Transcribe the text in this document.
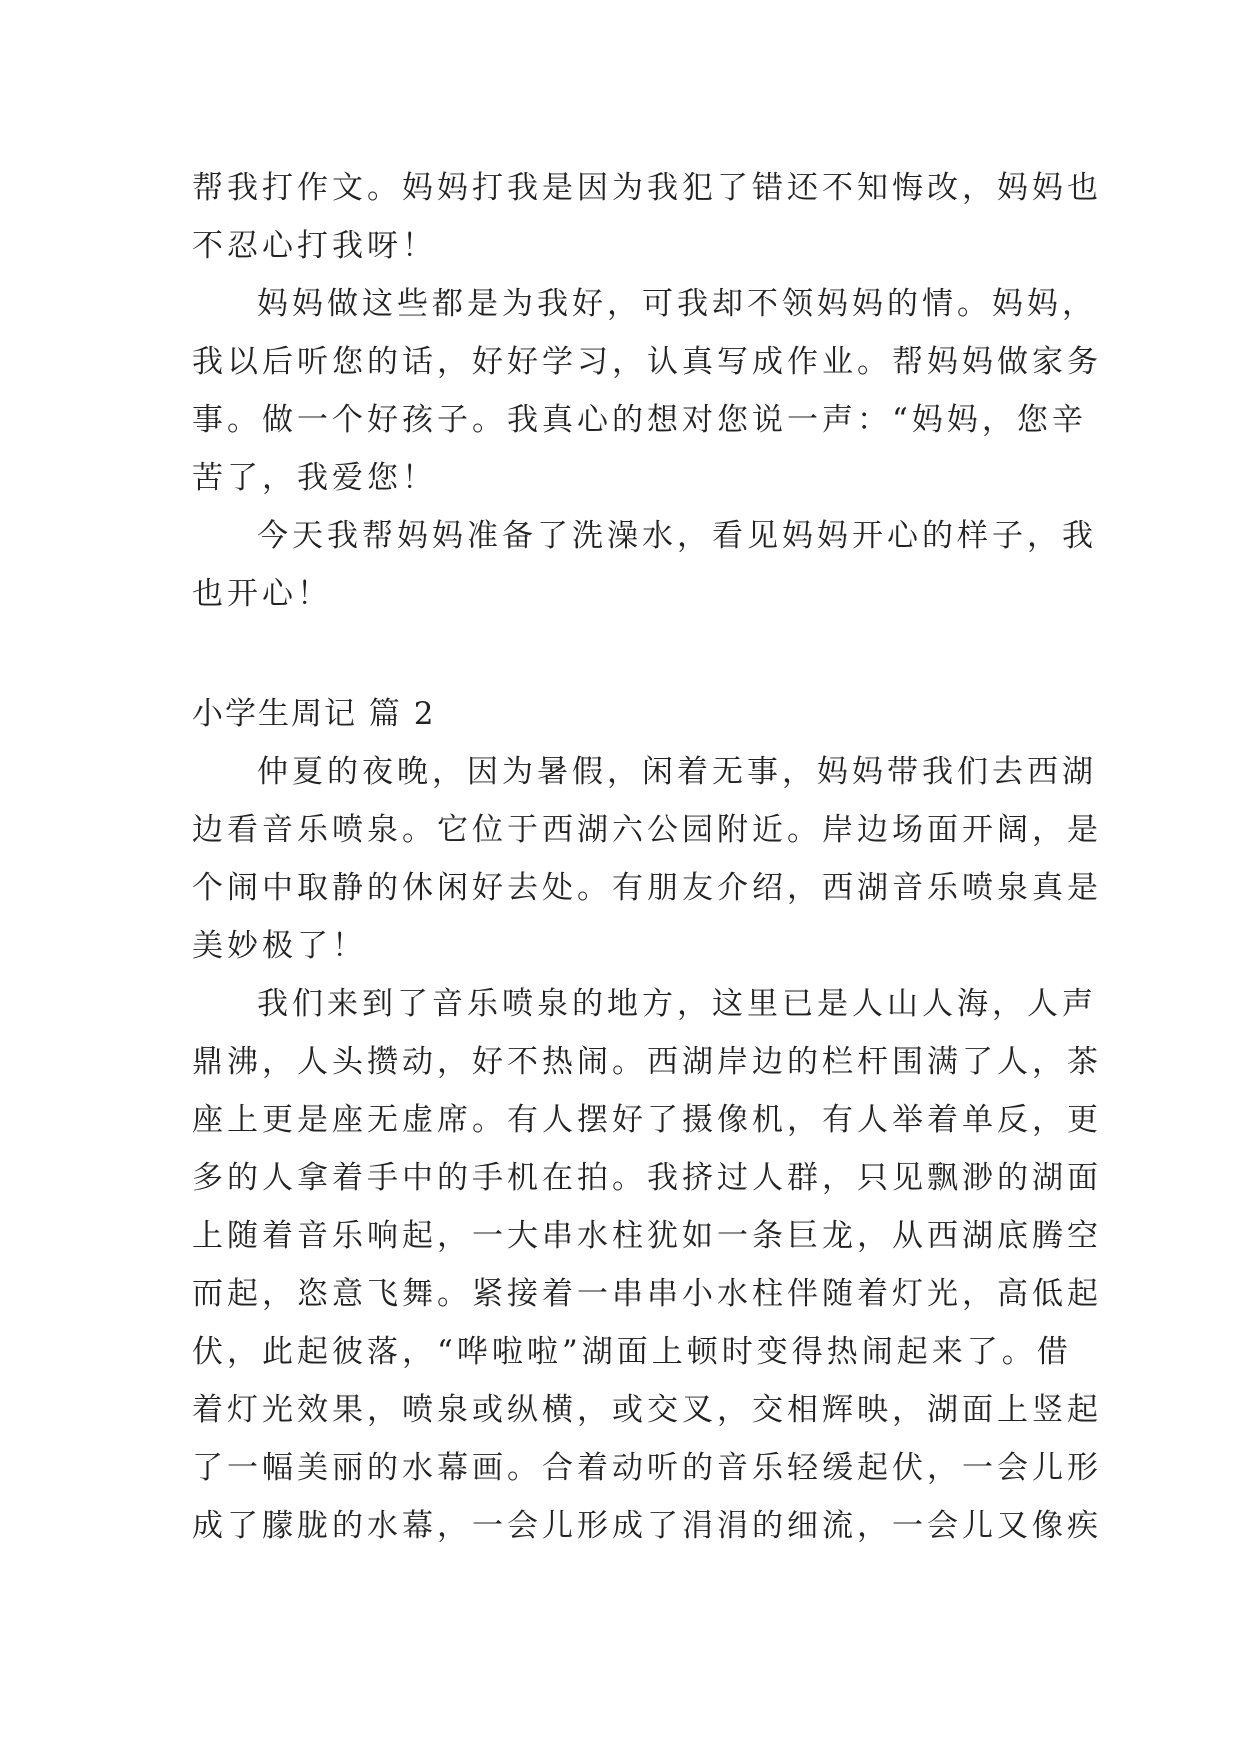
帮我打作文。妈妈打我是因为我犯了错还不知悔改，妈妈也
不忍心打我呀！
妈妈做这些都是为我好，可我却不领妈妈的情。妈妈，
我以后听您的话，好好学习，认真写成作业。帮妈妈做家务
事。做一个好孩子。我真心的想对您说一声：“妈妈，您辛
苦了，我爱您！
今天我帮妈妈准备了洗澡水，看见妈妈开心的样子，我
也开心！
小学生周记 篇 2
仲夏的夜晚，因为暑假，闲着无事，妈妈带我们去西湖
边看音乐喷泉。它位于西湖六公园附近。岸边场面开阔，是
个闹中取静的休闲好去处。有朋友介绍，西湖音乐喷泉真是
美妙极了！
我们来到了音乐喷泉的地方，这里已是人山人海，人声
鼎沸，人头攒动，好不热闹。西湖岸边的栏杆围满了人，茶
座上更是座无虚席。有人摆好了摄像机，有人举着单反，更
多的人拿着手中的手机在拍。我挤过人群，只见飘渺的湖面
上随着音乐响起，一大串水柱犹如一条巨龙，从西湖底腾空
而起，恣意飞舞。紧接着一串串小水柱伴随着灯光，高低起
伏，此起彼落，“哗啦啦”湖面上顿时变得热闹起来了。借
着灯光效果，喷泉或纵横，或交叉，交相辉映，湖面上竖起
了一幅美丽的水幕画。合着动听的音乐轻缓起伏，一会儿形
成了朦胧的水幕，一会儿形成了涓涓的细流，一会儿又像疾
